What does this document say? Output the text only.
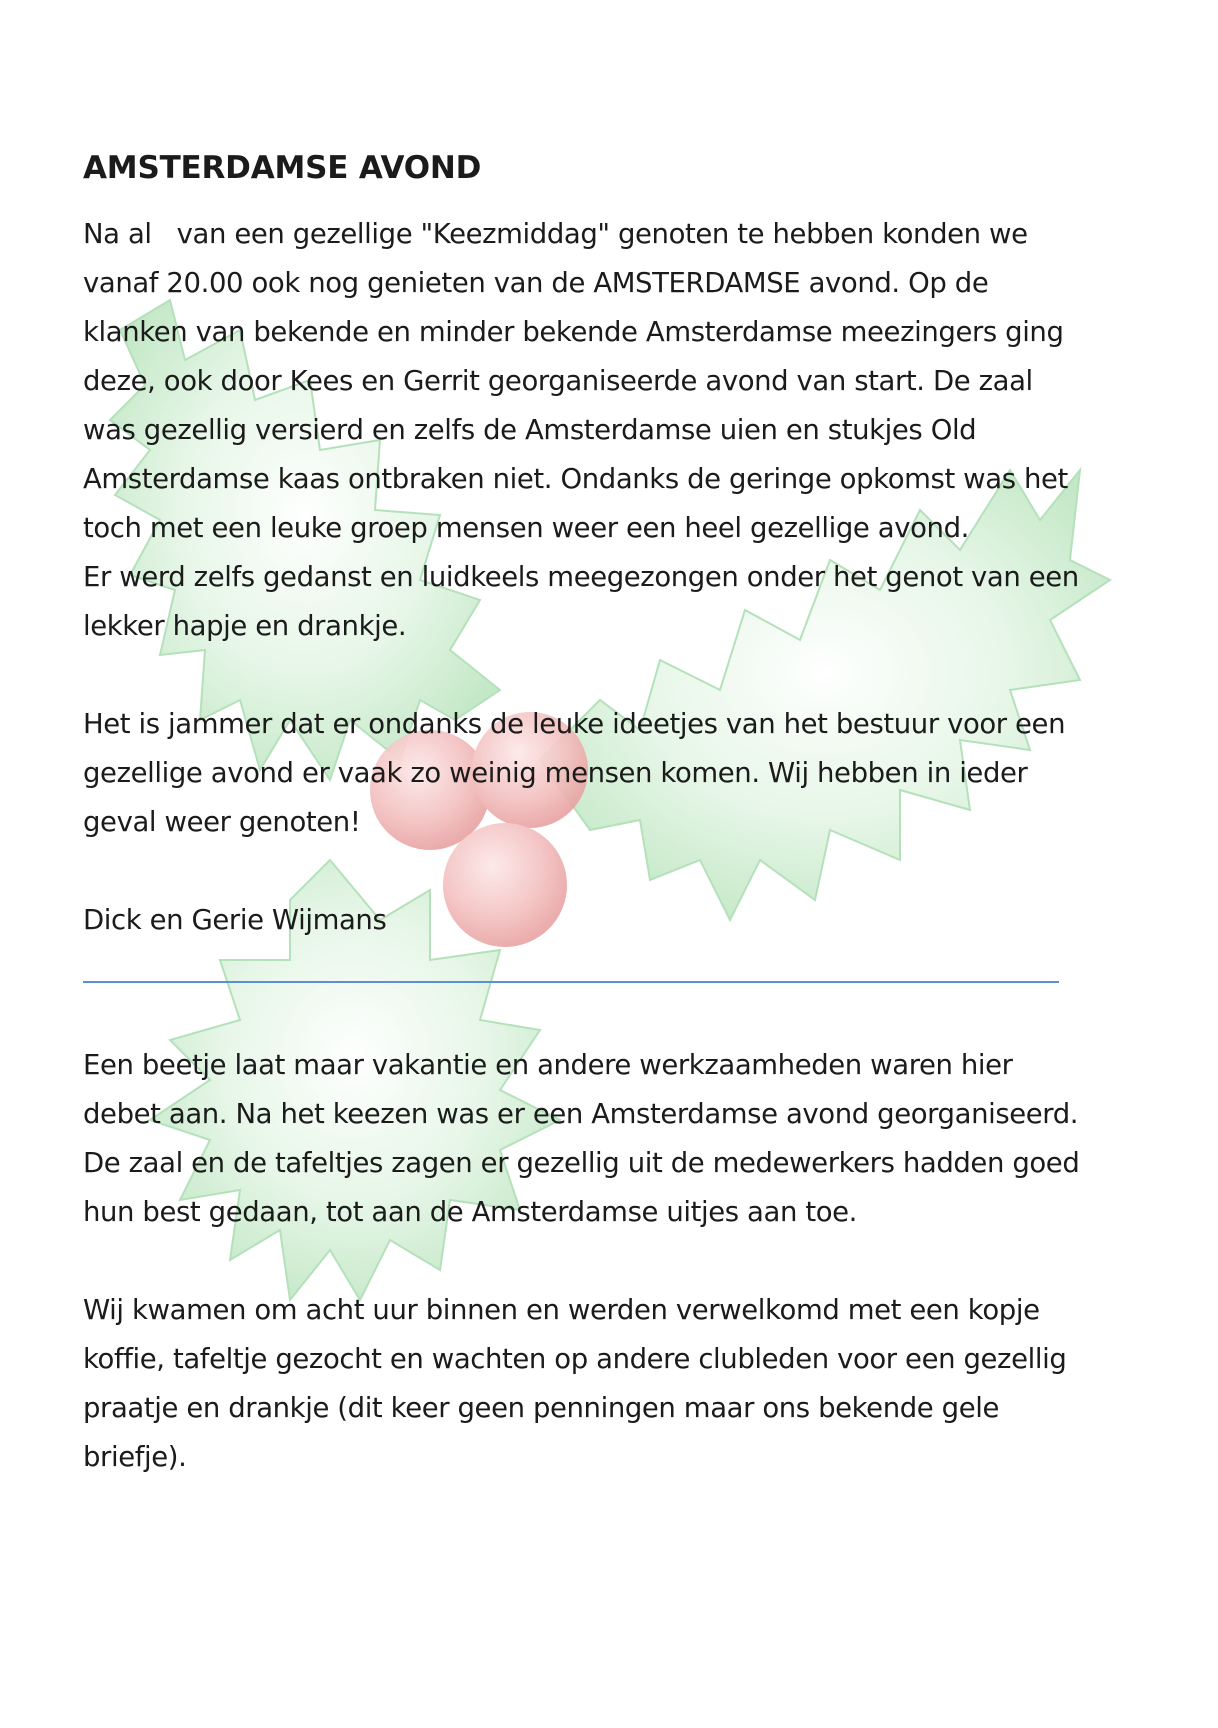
AMSTERDAMSE AVOND

Na al   van een gezellige "Keezmiddag" genoten te hebben konden we

vanaf 20.00 ook nog genieten van de AMSTERDAMSE avond. Op de

klanken van bekende en minder bekende Amsterdamse meezingers ging

deze, ook door Kees en Gerrit georganiseerde avond van start. De zaal

was gezellig versierd en zelfs de Amsterdamse uien en stukjes Old

Amsterdamse kaas ontbraken niet. Ondanks de geringe opkomst was het

toch met een leuke groep mensen weer een heel gezellige avond.

Er werd zelfs gedanst en luidkeels meegezongen onder het genot van een

lekker hapje en drankje.

Het is jammer dat er ondanks de leuke ideetjes van het bestuur voor een

gezellige avond er vaak zo weinig mensen komen. Wij hebben in ieder

geval weer genoten!

Dick en Gerie Wijmans

Een beetje laat maar vakantie en andere werkzaamheden waren hier

debet aan. Na het keezen was er een Amsterdamse avond georganiseerd.

De zaal en de tafeltjes zagen er gezellig uit de medewerkers hadden goed

hun best gedaan, tot aan de Amsterdamse uitjes aan toe.

Wij kwamen om acht uur binnen en werden verwelkomd met een kopje

koffie, tafeltje gezocht en wachten op andere clubleden voor een gezellig

praatje en drankje (dit keer geen penningen maar ons bekende gele

briefje).
